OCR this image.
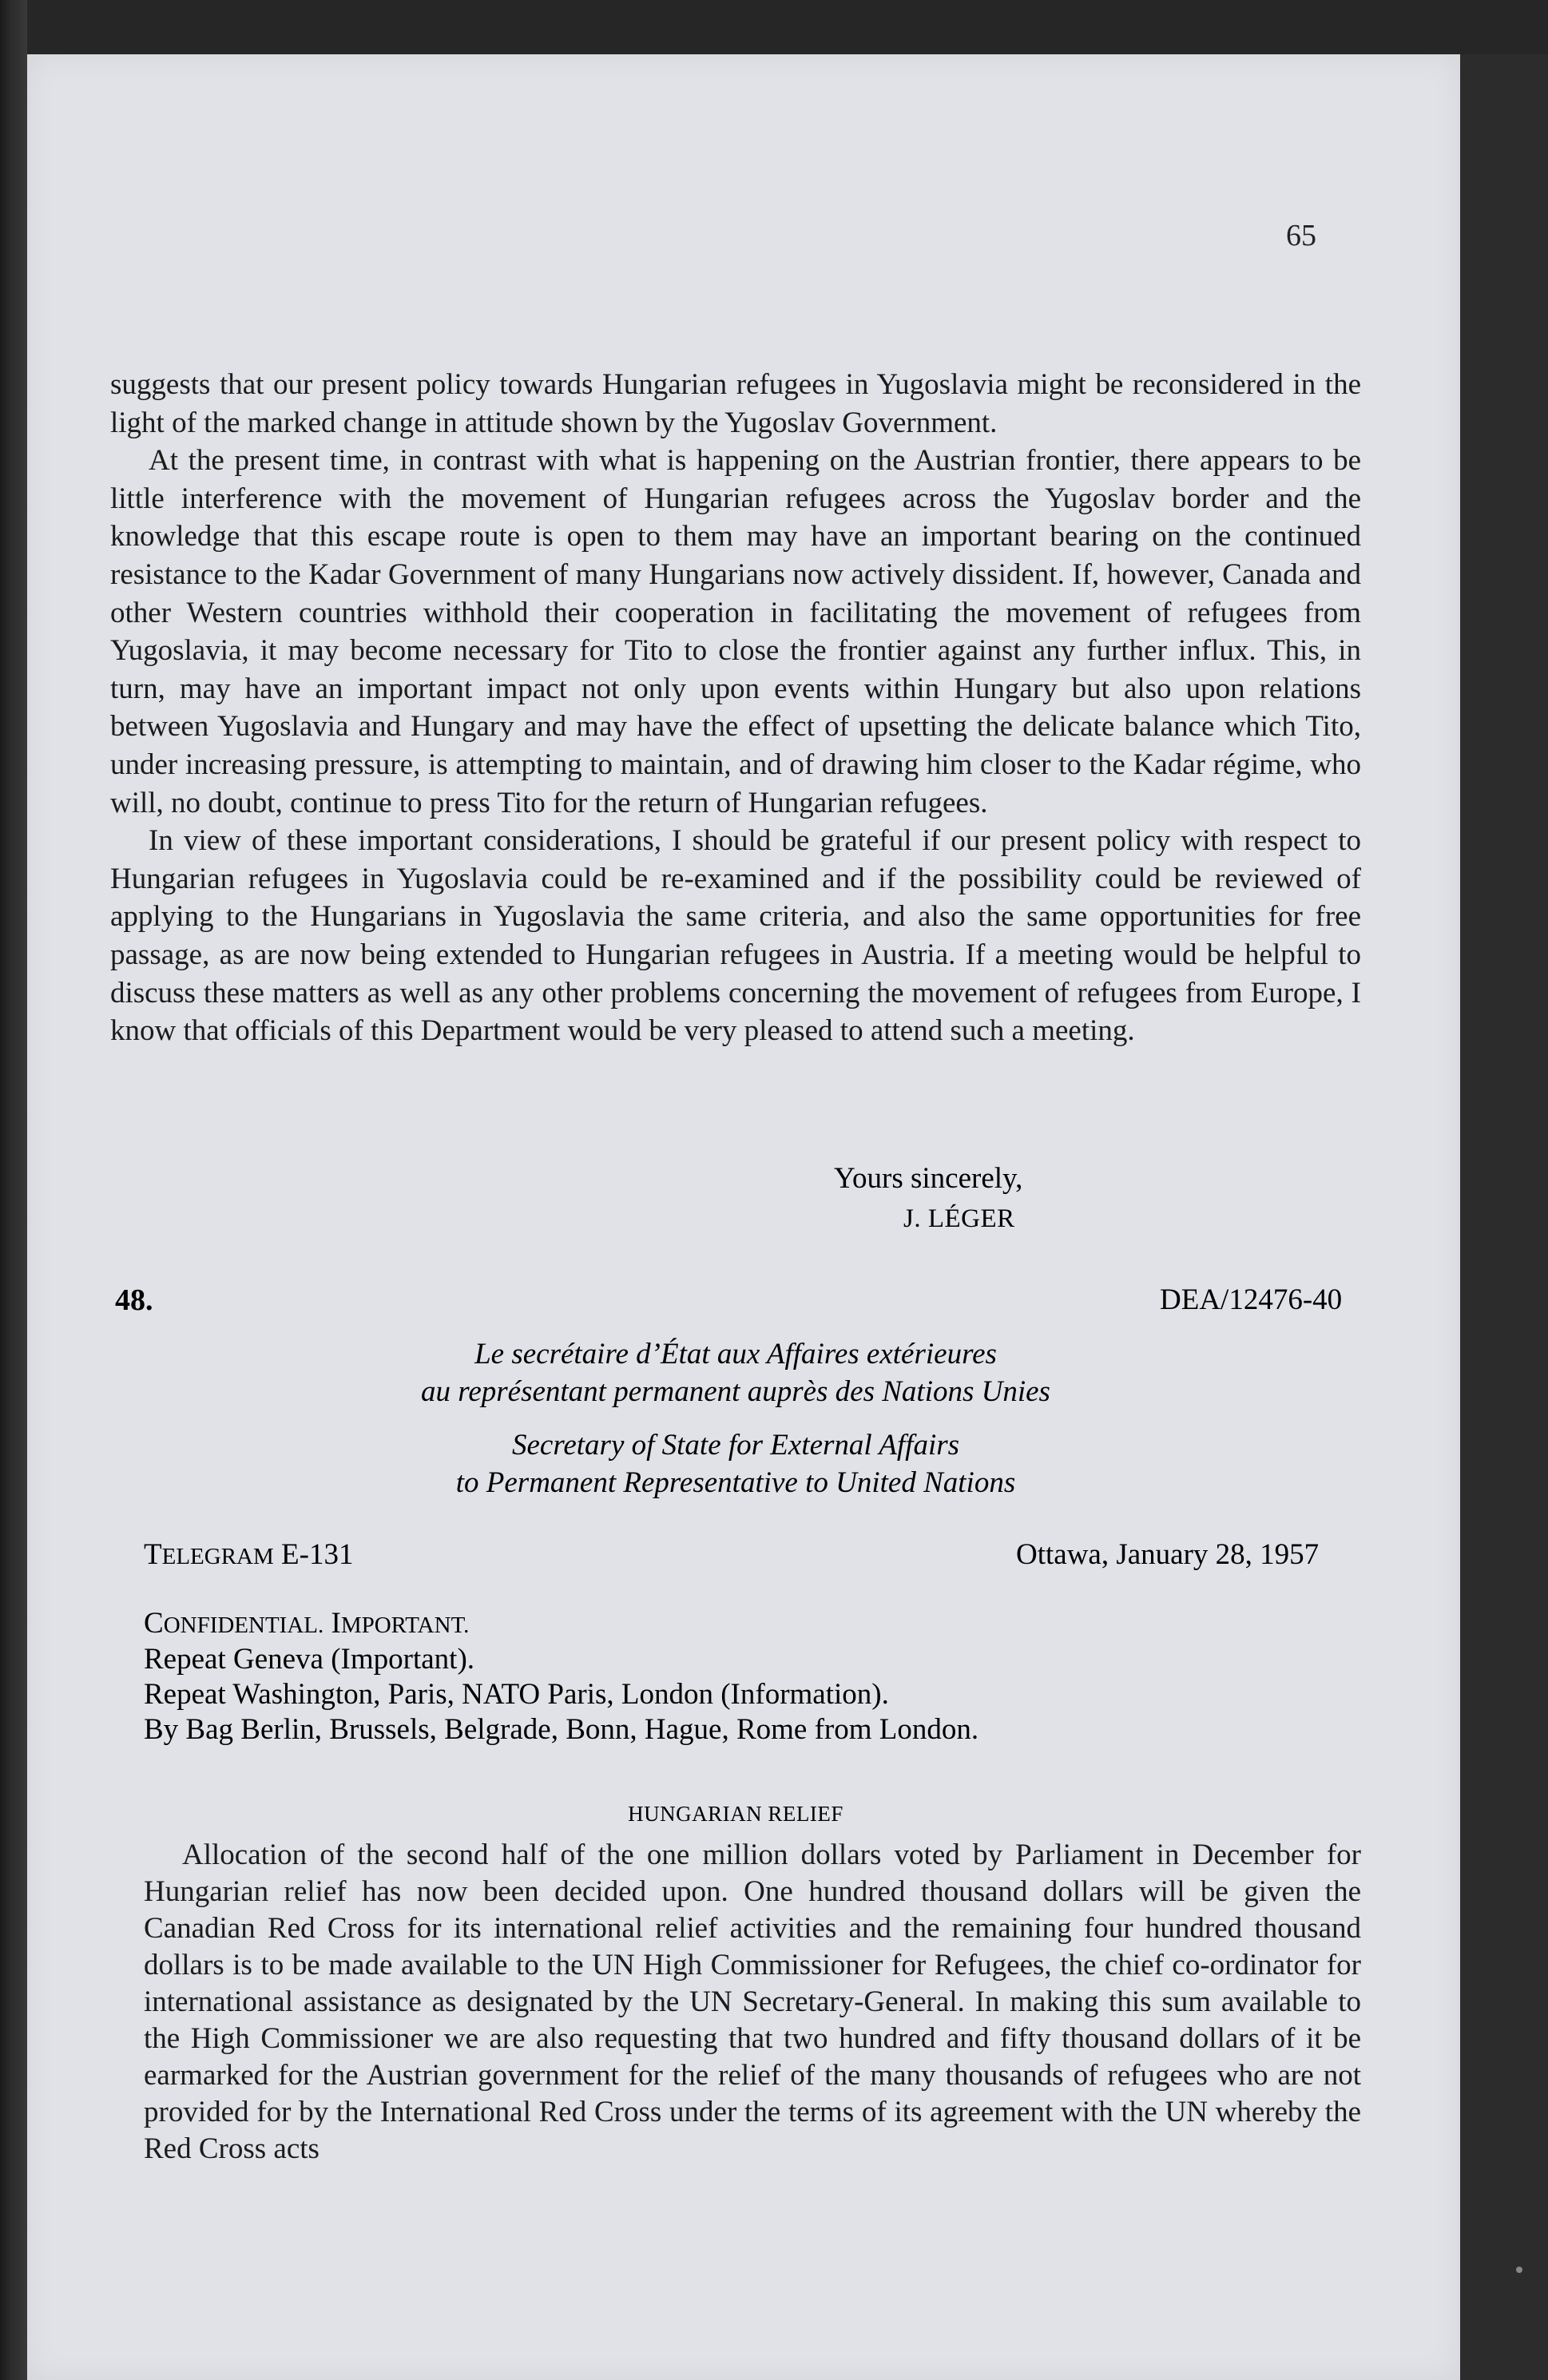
65

suggests that our present policy towards Hungarian refugees in Yugoslavia might be reconsidered in the light of the marked change in attitude shown by the Yugoslav Government.

At the present time, in contrast with what is happening on the Austrian frontier, there appears to be little interference with the movement of Hungarian refugees across the Yugoslav border and the knowledge that this escape route is open to them may have an important bearing on the continued resistance to the Kadar Government of many Hungarians now actively dissident. If, however, Canada and other Western countries withhold their cooperation in facilitating the movement of refugees from Yugoslavia, it may become necessary for Tito to close the frontier against any further influx. This, in turn, may have an important impact not only upon events within Hungary but also upon relations between Yugoslavia and Hungary and may have the effect of upsetting the delicate balance which Tito, under increasing pressure, is attempting to maintain, and of drawing him closer to the Kadar régime, who will, no doubt, continue to press Tito for the return of Hungarian refugees.

In view of these important considerations, I should be grateful if our present policy with respect to Hungarian refugees in Yugoslavia could be re-examined and if the possibility could be reviewed of applying to the Hungarians in Yugoslavia the same criteria, and also the same opportunities for free passage, as are now being extended to Hungarian refugees in Austria. If a meeting would be helpful to discuss these matters as well as any other problems concerning the movement of refugees from Europe, I know that officials of this Department would be very pleased to attend such a meeting.

Yours sincerely,
J. LÉGER
48.	DEA/12476-40
Le secrétaire d’État aux Affaires extérieures
au représentant permanent auprès des Nations Unies
Secretary of State for External Affairs
to Permanent Representative to United Nations
TELEGRAM E-131	Ottawa, January 28, 1957
CONFIDENTIAL. IMPORTANT.
Repeat Geneva (Important).
Repeat Washington, Paris, NATO Paris, London (Information).
By Bag Berlin, Brussels, Belgrade, Bonn, Hague, Rome from London.
HUNGARIAN RELIEF

Allocation of the second half of the one million dollars voted by Parliament in December for Hungarian relief has now been decided upon. One hundred thousand dollars will be given the Canadian Red Cross for its international relief activities and the remaining four hundred thousand dollars is to be made available to the UN High Commissioner for Refugees, the chief co-ordinator for international assistance as designated by the UN Secretary-General. In making this sum available to the High Commissioner we are also requesting that two hundred and fifty thousand dollars of it be earmarked for the Austrian government for the relief of the many thousands of refugees who are not provided for by the International Red Cross under the terms of its agreement with the UN whereby the Red Cross acts
